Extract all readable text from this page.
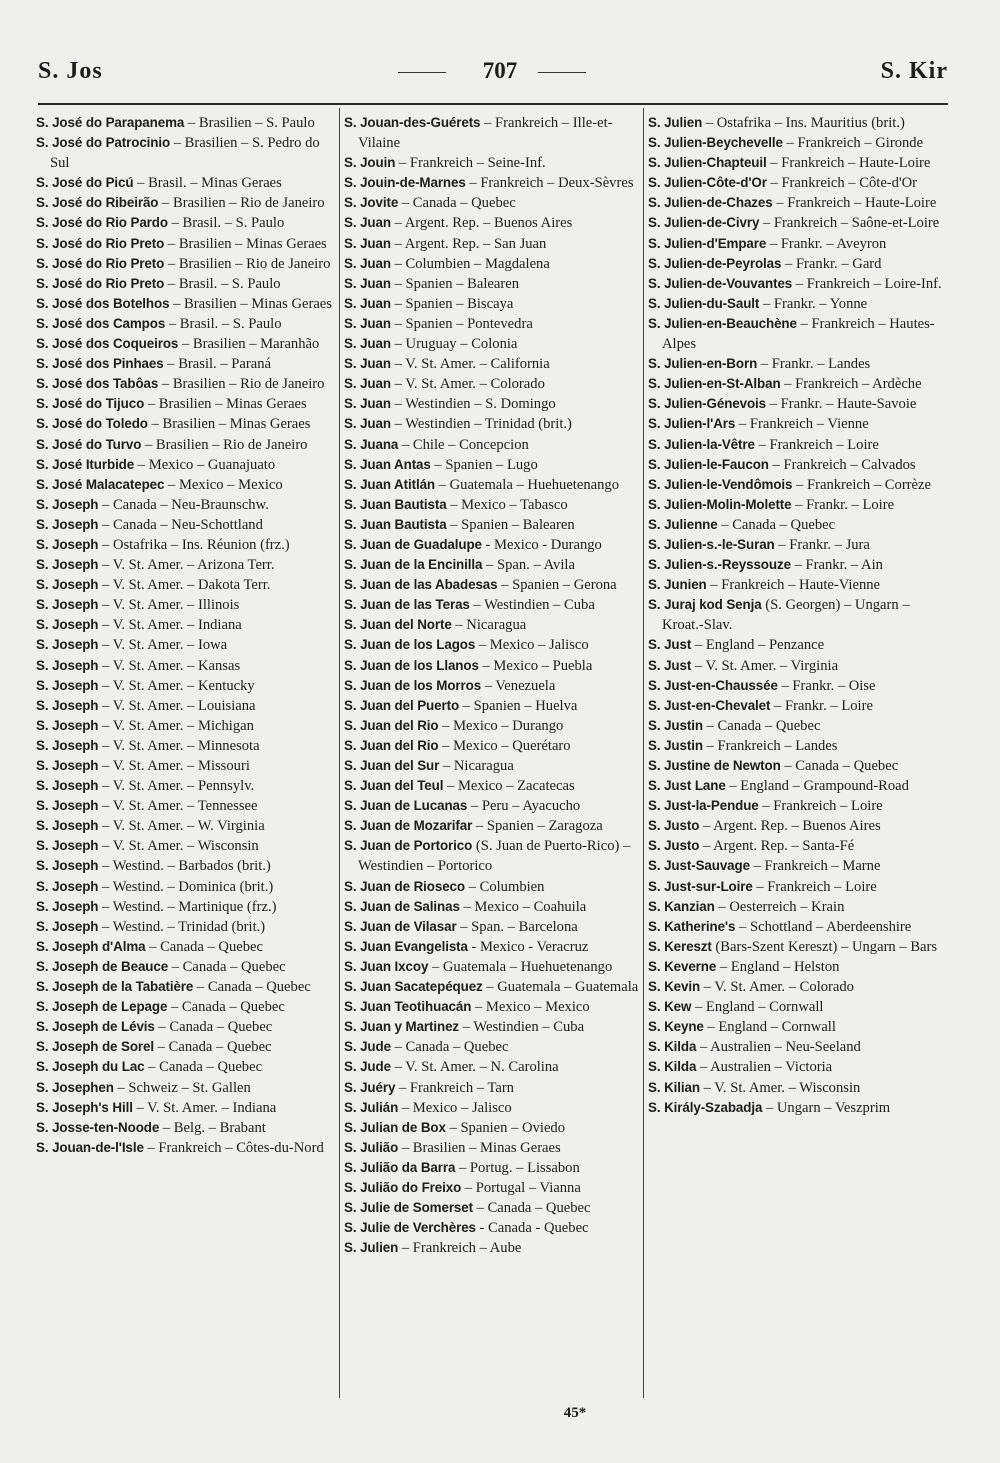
S. Jos	707	S. Kir
S. José do Parapanema – Brasilien – S. Paulo
S. José do Patrocinio – Brasilien – S. Pedro do Sul
S. José do Picú – Brasil. – Minas Geraes
S. José do Ribeirão – Brasilien – Rio de Janeiro
S. José do Rio Pardo – Brasil. – S. Paulo
S. José do Rio Preto – Brasilien – Minas Geraes
S. José do Rio Preto – Brasilien – Rio de Janeiro
S. José do Rio Preto – Brasil. – S. Paulo
S. José dos Botelhos – Brasilien – Minas Geraes
S. José dos Campos – Brasil. – S. Paulo
S. José dos Coqueiros – Brasilien – Maranhão
S. José dos Pinhaes – Brasil. – Paraná
S. José dos Tabôas – Brasilien – Rio de Janeiro
S. José do Tijuco – Brasilien – Minas Geraes
S. José do Toledo – Brasilien – Minas Geraes
S. José do Turvo – Brasilien – Rio de Janeiro
S. José Iturbide – Mexico – Guanajuato
S. José Malacatepec – Mexico – Mexico
S. Joseph – Canada – Neu-Braunschw.
S. Joseph – Canada – Neu-Schottland
S. Joseph – Ostafrika – Ins. Réunion (frz.)
S. Joseph – V. St. Amer. – Arizona Terr.
S. Joseph – V. St. Amer. – Dakota Terr.
S. Joseph – V. St. Amer. – Illinois
S. Joseph – V. St. Amer. – Indiana
S. Joseph – V. St. Amer. – Iowa
S. Joseph – V. St. Amer. – Kansas
S. Joseph – V. St. Amer. – Kentucky
S. Joseph – V. St. Amer. – Louisiana
S. Joseph – V. St. Amer. – Michigan
S. Joseph – V. St. Amer. – Minnesota
S. Joseph – V. St. Amer. – Missouri
S. Joseph – V. St. Amer. – Pennsylv.
S. Joseph – V. St. Amer. – Tennessee
S. Joseph – V. St. Amer. – W. Virginia
S. Joseph – V. St. Amer. – Wisconsin
S. Joseph – Westind. – Barbados (brit.)
S. Joseph – Westind. – Dominica (brit.)
S. Joseph – Westind. – Martinique (frz.)
S. Joseph – Westind. – Trinidad (brit.)
S. Joseph d'Alma – Canada – Quebec
S. Joseph de Beauce – Canada – Quebec
S. Joseph de la Tabatière – Canada – Quebec
S. Joseph de Lepage – Canada – Quebec
S. Joseph de Lévis – Canada – Quebec
S. Joseph de Sorel – Canada – Quebec
S. Joseph du Lac – Canada – Quebec
S. Josephen – Schweiz – St. Gallen
S. Joseph's Hill – V. St. Amer. – Indiana
S. Josse-ten-Noode – Belg. – Brabant
S. Jouan-de-l'Isle – Frankreich – Côtes-du-Nord
S. Jouan-des-Guérets – Frankreich – Ille-et-Vilaine
S. Jouin – Frankreich – Seine-Inf.
S. Jouin-de-Marnes – Frankreich – Deux-Sèvres
S. Jovite – Canada – Quebec
S. Juan – Argent. Rep. – Buenos Aires
S. Juan – Argent. Rep. – San Juan
S. Juan – Columbien – Magdalena
S. Juan – Spanien – Balearen
S. Juan – Spanien – Biscaya
S. Juan – Spanien – Pontevedra
S. Juan – Uruguay – Colonia
S. Juan – V. St. Amer. – California
S. Juan – V. St. Amer. – Colorado
S. Juan – Westindien – S. Domingo
S. Juan – Westindien – Trinidad (brit.)
S. Juana – Chile – Concepcion
S. Juan Antas – Spanien – Lugo
S. Juan Atitlán – Guatemala – Huehuetenango
S. Juan Bautista – Mexico – Tabasco
S. Juan Bautista – Spanien – Balearen
S. Juan de Guadalupe - Mexico - Durango
S. Juan de la Encinilla – Span. – Avila
S. Juan de las Abadesas – Spanien – Gerona
S. Juan de las Teras – Westindien – Cuba
S. Juan del Norte – Nicaragua
S. Juan de los Lagos – Mexico – Jalisco
S. Juan de los Llanos – Mexico – Puebla
S. Juan de los Morros – Venezuela
S. Juan del Puerto – Spanien – Huelva
S. Juan del Rio – Mexico – Durango
S. Juan del Rio – Mexico – Querétaro
S. Juan del Sur – Nicaragua
S. Juan del Teul – Mexico – Zacatecas
S. Juan de Lucanas – Peru – Ayacucho
S. Juan de Mozarifar – Spanien – Zaragoza
S. Juan de Portorico (S. Juan de Puerto-Rico) – Westindien – Portorico
S. Juan de Rioseco – Columbien
S. Juan de Salinas – Mexico – Coahuila
S. Juan de Vilasar – Span. – Barcelona
S. Juan Evangelista - Mexico - Veracruz
S. Juan Ixcoy – Guatemala – Huehuetenango
S. Juan Sacatepéquez – Guatemala – Guatemala
S. Juan Teotihuacán – Mexico – Mexico
S. Juan y Martinez – Westindien – Cuba
S. Jude – Canada – Quebec
S. Jude – V. St. Amer. – N. Carolina
S. Juéry – Frankreich – Tarn
S. Julián – Mexico – Jalisco
S. Julian de Box – Spanien – Oviedo
S. Julião – Brasilien – Minas Geraes
S. Julião da Barra – Portug. – Lissabon
S. Julião do Freixo – Portugal – Vianna
S. Julie de Somerset – Canada – Quebec
S. Julie de Verchères - Canada - Quebec
S. Julien – Frankreich – Aube
S. Julien – Ostafrika – Ins. Mauritius (brit.)
S. Julien-Beychevelle – Frankreich – Gironde
S. Julien-Chapteuil – Frankreich – Haute-Loire
S. Julien-Côte-d'Or – Frankreich – Côte-d'Or
S. Julien-de-Chazes – Frankreich – Haute-Loire
S. Julien-de-Civry – Frankreich – Saône-et-Loire
S. Julien-d'Empare – Frankr. – Aveyron
S. Julien-de-Peyrolas – Frankr. – Gard
S. Julien-de-Vouvantes – Frankreich – Loire-Inf.
S. Julien-du-Sault – Frankr. – Yonne
S. Julien-en-Beauchène – Frankreich – Hautes-Alpes
S. Julien-en-Born – Frankr. – Landes
S. Julien-en-St-Alban – Frankreich – Ardèche
S. Julien-Génevois – Frankr. – Haute-Savoie
S. Julien-l'Ars – Frankreich – Vienne
S. Julien-la-Vêtre – Frankreich – Loire
S. Julien-le-Faucon – Frankreich – Calvados
S. Julien-le-Vendômois – Frankreich – Corrèze
S. Julien-Molin-Molette – Frankr. – Loire
S. Julienne – Canada – Quebec
S. Julien-s.-le-Suran – Frankr. – Jura
S. Julien-s.-Reyssouze – Frankr. – Ain
S. Junien – Frankreich – Haute-Vienne
S. Juraj kod Senja (S. Georgen) – Ungarn – Kroat.-Slav.
S. Just – England – Penzance
S. Just – V. St. Amer. – Virginia
S. Just-en-Chaussée – Frankr. – Oise
S. Just-en-Chevalet – Frankr. – Loire
S. Justin – Canada – Quebec
S. Justin – Frankreich – Landes
S. Justine de Newton – Canada – Quebec
S. Just Lane – England – Grampound-Road
S. Just-la-Pendue – Frankreich – Loire
S. Justo – Argent. Rep. – Buenos Aires
S. Justo – Argent. Rep. – Santa-Fé
S. Just-Sauvage – Frankreich – Marne
S. Just-sur-Loire – Frankreich – Loire
S. Kanzian – Oesterreich – Krain
S. Katherine's – Schottland – Aberdeenshire
S. Kereszt (Bars-Szent Kereszt) – Ungarn – Bars
S. Keverne – England – Helston
S. Kevin – V. St. Amer. – Colorado
S. Kew – England – Cornwall
S. Keyne – England – Cornwall
S. Kilda – Australien – Neu-Seeland
S. Kilda – Australien – Victoria
S. Kilian – V. St. Amer. – Wisconsin
S. Király-Szabadja – Ungarn – Veszprim
45*
